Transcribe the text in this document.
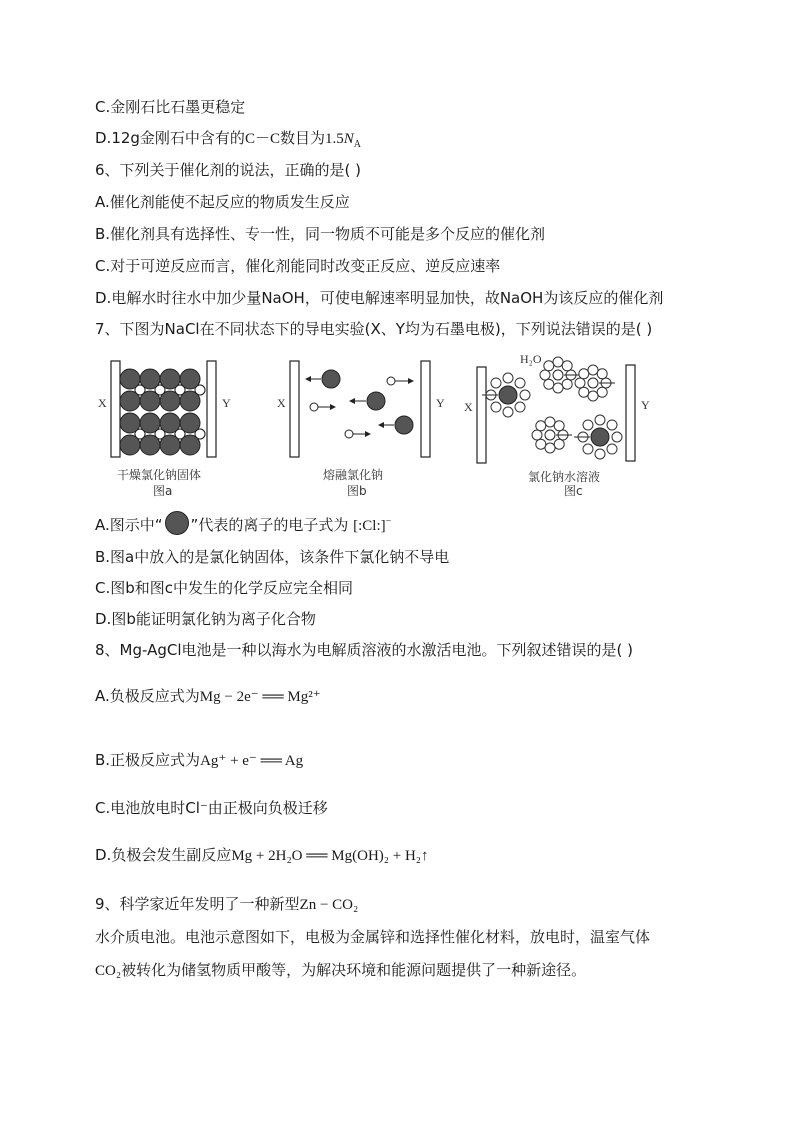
C.金刚石比石墨更稳定
D.12g金刚石中含有的C－C数目为$1.5N_A$
6、下列关于催化剂的说法，正确的是( )
A.催化剂能使不起反应的物质发生反应
B.催化剂具有选择性、专一性，同一物质不可能是多个反应的催化剂
C.对于可逆反应而言，催化剂能同时改变正反应、逆反应速率
D.电解水时往水中加少量NaOH，可使电解速率明显加快，故NaOH为该反应的催化剂
7、下图为NaCl在不同状态下的导电实验(X、Y均为石墨电极)，下列说法错误的是( )
X	Y
干燥氯化钠固体
图a
X	Y
熔融氯化钠
图b
X	Y
H₂O
氯化钠水溶液
图c
A.图示中“ ”代表的离子的电子式为 [:Cl:]−
B.图a中放入的是氯化钠固体，该条件下氯化钠不导电
C.图b和图c中发生的化学反应完全相同
D.图b能证明氯化钠为离子化合物
8、Mg-AgCl电池是一种以海水为电解质溶液的水激活电池。下列叙述错误的是( )
A.负极反应式为Mg − 2e⁻ ══ Mg²⁺
B.正极反应式为Ag⁺ + e⁻ ══ Ag
C.电池放电时Cl⁻由正极向负极迁移
D.负极会发生副反应Mg + 2H₂O ══ Mg(OH)₂ + H₂↑
9、科学家近年发明了一种新型Zn − CO₂
水介质电池。电池示意图如下，电极为金属锌和选择性催化材料，放电时，温室气体
CO₂被转化为储氢物质甲酸等，为解决环境和能源问题提供了一种新途径。
